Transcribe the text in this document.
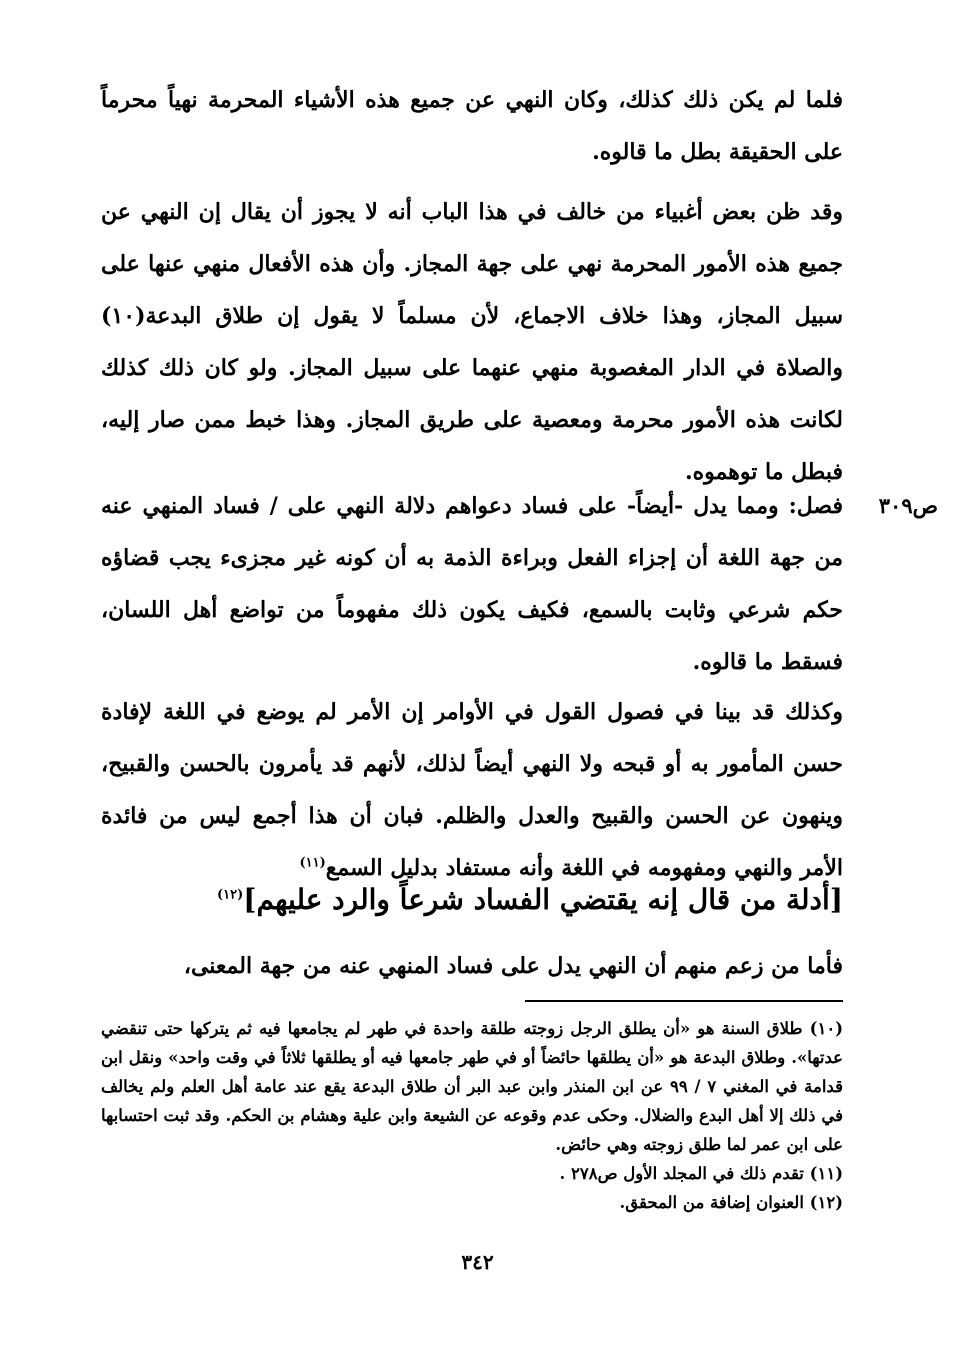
فلما لم يكن ذلك كذلك، وكان النهي عن جميع هذه الأشياء المحرمة نهياً محرماً على الحقيقة بطل ما قالوه.

وقد ظن بعض أغبياء من خالف في هذا الباب أنه لا يجوز أن يقال إن النهي عن جميع هذه الأمور المحرمة نهي على جهة المجاز. وأن هذه الأفعال منهي عنها على سبيل المجاز، وهذا خلاف الاجماع، لأن مسلماً لا يقول إن طلاق البدعة(١٠) والصلاة في الدار المغصوبة منهي عنهما على سبيل المجاز. ولو كان ذلك كذلك لكانت هذه الأمور محرمة ومعصية على طريق المجاز. وهذا خبط ممن صار إليه، فبطل ما توهموه.

ص٣٠٩

فصل: ومما يدل -أيضاً- على فساد دعواهم دلالة النهي على / فساد المنهي عنه من جهة اللغة أن إجزاء الفعل وبراءة الذمة به أن كونه غير مجزىء يجب قضاؤه حكم شرعي وثابت بالسمع، فكيف يكون ذلك مفهوماً من تواضع أهل اللسان، فسقط ما قالوه.

وكذلك قد بينا في فصول القول في الأوامر إن الأمر لم يوضع في اللغة لإفادة حسن المأمور به أو قبحه ولا النهي أيضاً لذلك، لأنهم قد يأمرون بالحسن والقبيح، وينهون عن الحسن والقبيح والعدل والظلم. فبان أن هذا أجمع ليس من فائدة الأمر والنهي ومفهومه في اللغة وأنه مستفاد بدليل السمع$^{(١١)}$

[أدلة من قال إنه يقتضي الفساد شرعاً والرد عليهم]$^{(١٢)}$

فأما من زعم منهم أن النهي يدل على فساد المنهي عنه من جهة المعنى،

(١٠) طلاق السنة هو «أن يطلق الرجل زوجته طلقة واحدة في طهر لم يجامعها فيه ثم يتركها حتى تنقضي عدتها». وطلاق البدعة هو «أن يطلقها حائضاً أو في طهر جامعها فيه أو يطلقها ثلاثاً في وقت واحد» ونقل ابن قدامة في المغني ٧ / ٩٩ عن ابن المنذر وابن عبد البر أن طلاق البدعة يقع عند عامة أهل العلم ولم يخالف في ذلك إلا أهل البدع والضلال. وحكى عدم وقوعه عن الشيعة وابن علية وهشام بن الحكم. وقد ثبت احتسابها على ابن عمر لما طلق زوجته وهي حائض.

(١١) تقدم ذلك في المجلد الأول ص٢٧٨ .

(١٢) العنوان إضافة من المحقق.

٣٤٢
